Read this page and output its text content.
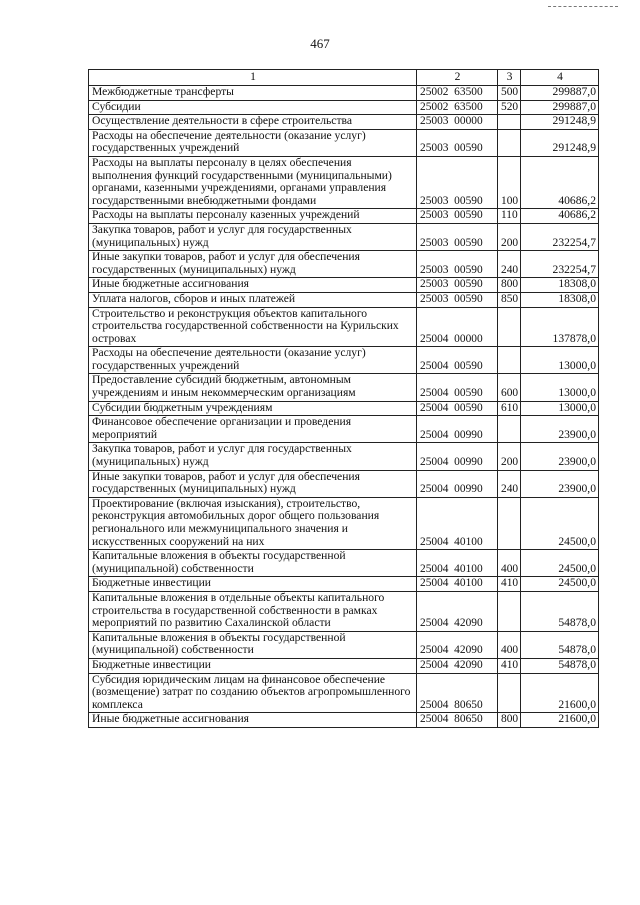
467
1	2	3	4
Межбюджетные трансферты	25002  63500	500	299887,0
Субсидии	25002  63500	520	299887,0
Осуществление деятельности в сфере строительства	25003  00000		291248,9
Расходы на обеспечение деятельности (оказание услуг) государственных учреждений	25003  00590		291248,9
Расходы на выплаты персоналу в целях обеспечения выполнения функций государственными (муниципальными) органами, казенными учреждениями, органами управления государственными внебюджетными фондами	25003  00590	100	40686,2
Расходы на выплаты персоналу казенных учреждений	25003  00590	110	40686,2
Закупка товаров, работ и услуг для государственных (муниципальных) нужд	25003  00590	200	232254,7
Иные закупки товаров, работ и услуг для обеспечения государственных (муниципальных) нужд	25003  00590	240	232254,7
Иные бюджетные ассигнования	25003  00590	800	18308,0
Уплата налогов, сборов и иных платежей	25003  00590	850	18308,0
Строительство и реконструкция объектов капитального строительства государственной собственности на Курильских островах	25004  00000		137878,0
Расходы на обеспечение деятельности (оказание услуг) государственных учреждений	25004  00590		13000,0
Предоставление субсидий бюджетным, автономным учреждениям и иным некоммерческим организациям	25004  00590	600	13000,0
Субсидии бюджетным учреждениям	25004  00590	610	13000,0
Финансовое обеспечение организации и проведения мероприятий	25004  00990		23900,0
Закупка товаров, работ и услуг для государственных (муниципальных) нужд	25004  00990	200	23900,0
Иные закупки товаров, работ и услуг для обеспечения государственных (муниципальных) нужд	25004  00990	240	23900,0
Проектирование (включая изыскания), строительство, реконструкция автомобильных дорог общего пользования регионального или межмуниципального значения и искусственных сооружений на них	25004  40100		24500,0
Капитальные вложения в объекты государственной (муниципальной) собственности	25004  40100	400	24500,0
Бюджетные инвестиции	25004  40100	410	24500,0
Капитальные вложения в отдельные объекты капитального строительства в государственной собственности в рамках мероприятий по развитию Сахалинской области	25004  42090		54878,0
Капитальные вложения в объекты государственной (муниципальной) собственности	25004  42090	400	54878,0
Бюджетные инвестиции	25004  42090	410	54878,0
Субсидия юридическим лицам на финансовое обеспечение (возмещение) затрат по созданию объектов агропромышленного комплекса	25004  80650		21600,0
Иные бюджетные ассигнования	25004  80650	800	21600,0
